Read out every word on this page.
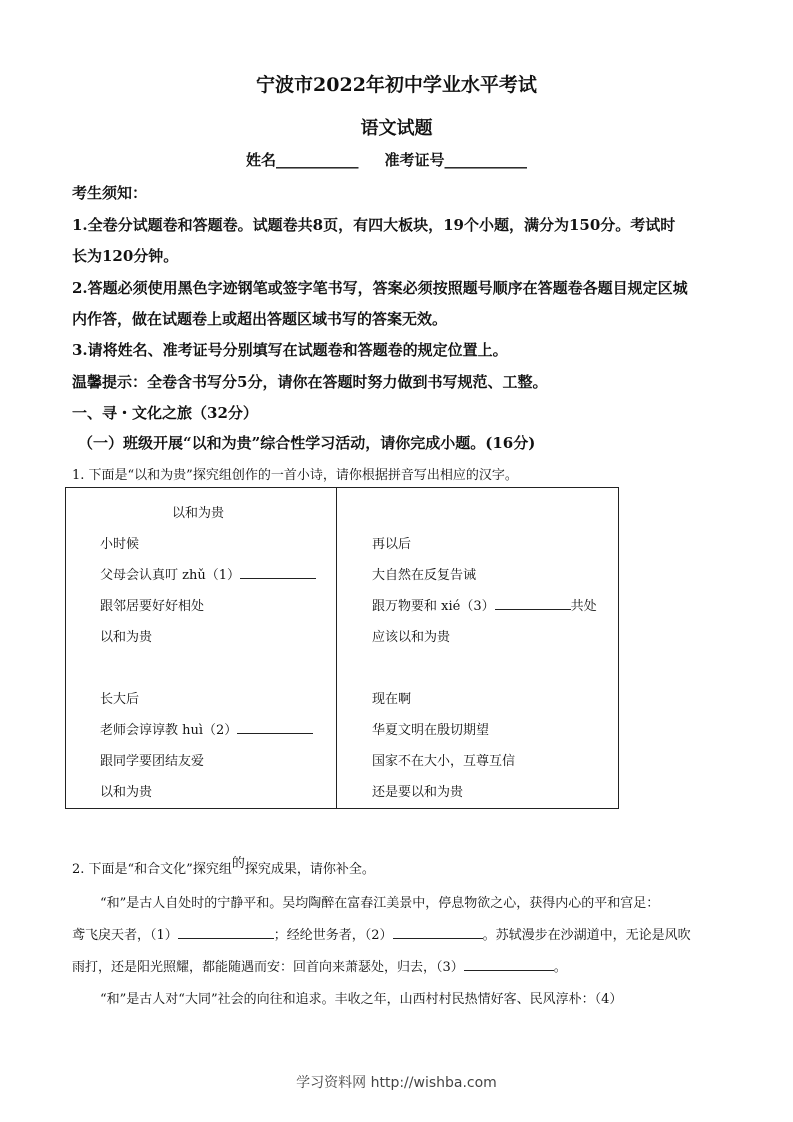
宁波市2022年初中学业水平考试
语文试题
姓名___________ 准考证号___________
考生须知：
1.全卷分试题卷和答题卷。试题卷共8页，有四大板块，19个小题，满分为150分。考试时
长为120分钟。
2.答题必须使用黑色字迹钢笔或签字笔书写，答案必须按照题号顺序在答题卷各题目规定区城
内作答，做在试题卷上或超出答题区域书写的答案无效。
3.请将姓名、准考证号分别填写在试题卷和答题卷的规定位置上。
温馨提示：全卷含书写分5分，请你在答题时努力做到书写规范、工整。
一、寻・文化之旅（32分）
（一）班级开展“以和为贵”综合性学习活动，请你完成小题。(16分)
1. 下面是“以和为贵”探究组创作的一首小诗，请你根据拼音写出相应的汉字。
以和为贵
小时候
父母会认真叮 zhǔ（1）
跟邻居要好好相处
以和为贵
长大后
老师会谆谆教 huì（2）
跟同学要团结友爱
以和为贵
再以后
大自然在反复告诫
跟万物要和 xié（3）	共处
应该以和为贵
现在啊
华夏文明在殷切期望
国家不在大小，互尊互信
还是要以和为贵
2. 下面是“和合文化”探究组的探究成果，请你补全。
“和”是古人自处时的宁静平和。吴均陶醉在富春江美景中，停息物欲之心，获得内心的平和宫足：
鸢飞戾天者，（1）	；经纶世务者，（2）	。苏轼漫步在沙湖道中，无论是风吹
雨打，还是阳光照耀，都能随遇而安：回首向来萧瑟处，归去，（3）	。
“和”是古人对“大同”社会的向往和追求。丰收之年，山西村村民热情好客、民风淳朴：（4）
学习资料网 http://wishba.com
